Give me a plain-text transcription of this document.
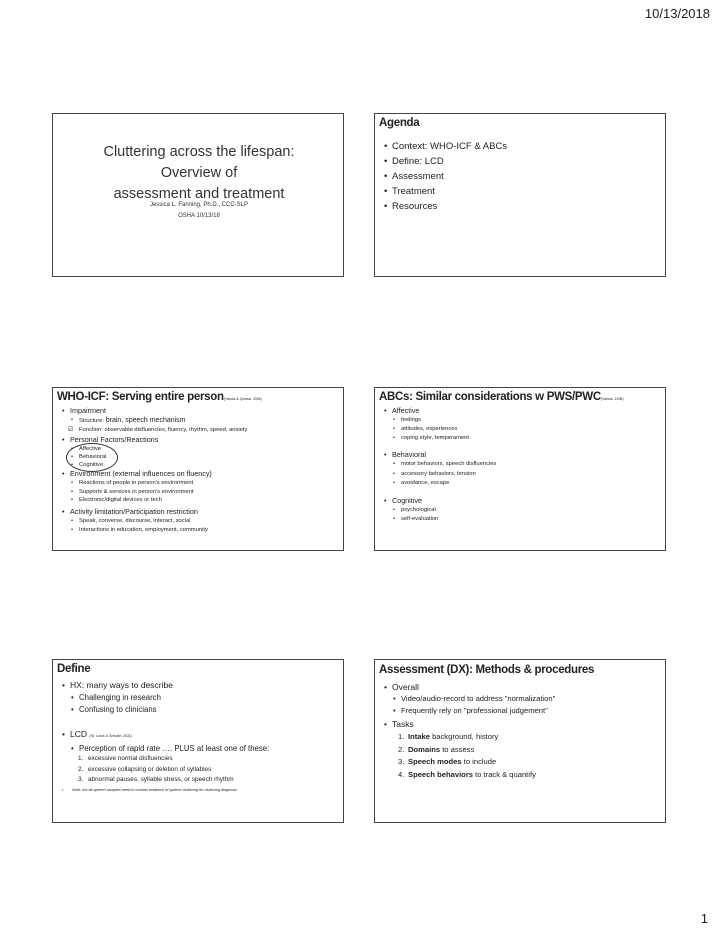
10/13/2018
Cluttering across the lifespan:
Overview of
assessment and treatment
Jessica L. Fanning, Ph.D., CCC-SLP
OSHA 10/13/18
Agenda
• Context: WHO-ICF & ABCs
• Define: LCD
• Assessment
• Treatment
• Resources
WHO-ICF: Serving entire person(Yaruss & Quesal, 2004)
• Impairment
• Structure: brain, speech mechanism
☑ Function: observable disfluencies, fluency, rhythm, speed, anxiety
• Personal Factors/Reactions
• Affective
• Behavioral
• Cognitive
• Environment (external influences on fluency)
• Reactions of people in person's environment
• Supports & services in person's environment
• Electronic/digital devices or tech
• Activity limitation/Participation restriction
• Speak, converse, discourse, interact, social
• Interactions in education, employment, community
ABCs: Similar considerations w PWS/PWC(Yaruss, 1998)
• Affective
• feelings
• attitudes, experiences
• coping style, temperament
• Behavioral
• motor behaviors, speech disfluencies
• accessory behaviors, tension
• avoidance, escape
• Cognitive
• psychological
• self-evaluation
Define
• HX: many ways to describe
• Challenging in research
• Confusing to clinicians
• LCD (St. Louis & Schulte, 2011)
• Perception of rapid rate …. PLUS at least one of these:
1. excessive normal disfluencies
2. excessive collapsing or deletion of syllables
3. abnormal pauses, syllable stress, or speech rhythm
• Note: not all speech samples need to contain evidence of speech cluttering for cluttering diagnosis
Assessment (DX): Methods & procedures
• Overall
• Video/audio-record to address "normalization"
• Frequently rely on "professional judgement"
• Tasks
1. Intake background, history
2. Domains to assess
3. Speech modes to include
4. Speech behaviors to track & quantify
1
